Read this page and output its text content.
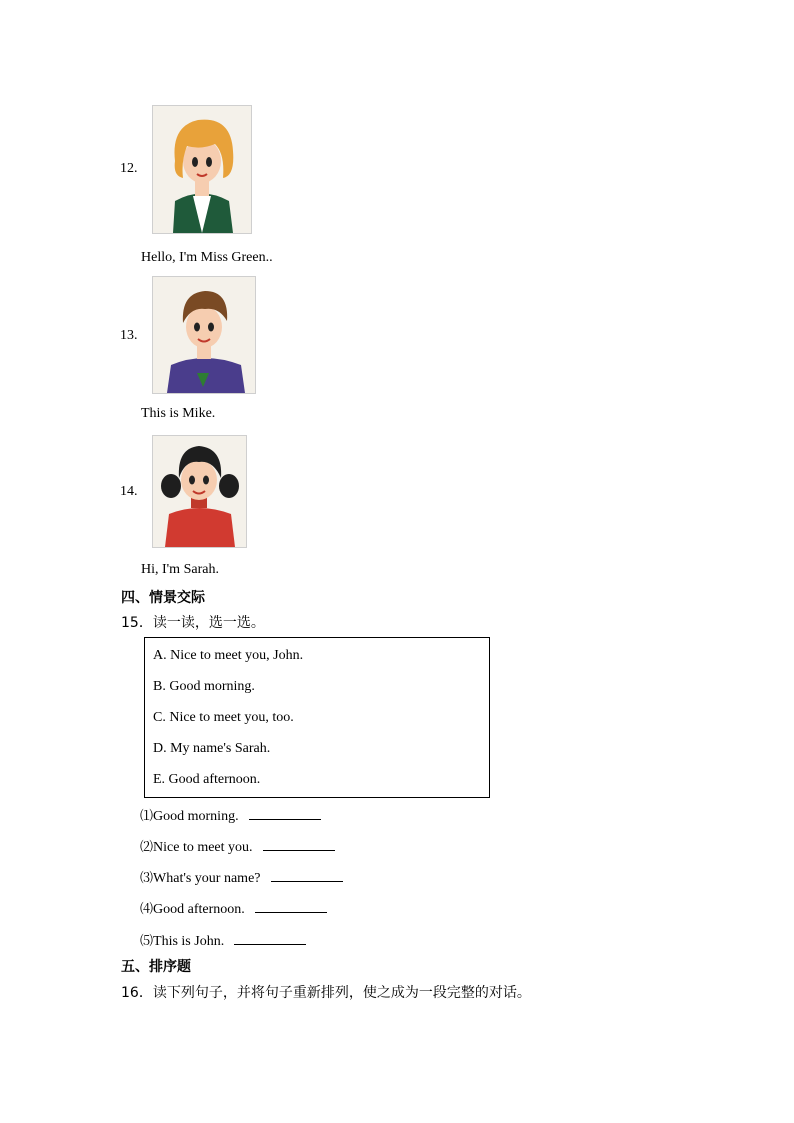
12.
Hello, I'm Miss Green..
13.
This is Mike.
14.
Hi, I'm Sarah.
四、情景交际
15．读一读，选一选。
A. Nice to meet you, John.
B. Good morning.
C. Nice to meet you, too.
D. My name's Sarah.
E. Good afternoon.
⑴Good morning.
⑵Nice to meet you.
⑶What's your name?
⑷Good afternoon.
⑸This is John.
五、排序题
16．读下列句子，并将句子重新排列，使之成为一段完整的对话。
